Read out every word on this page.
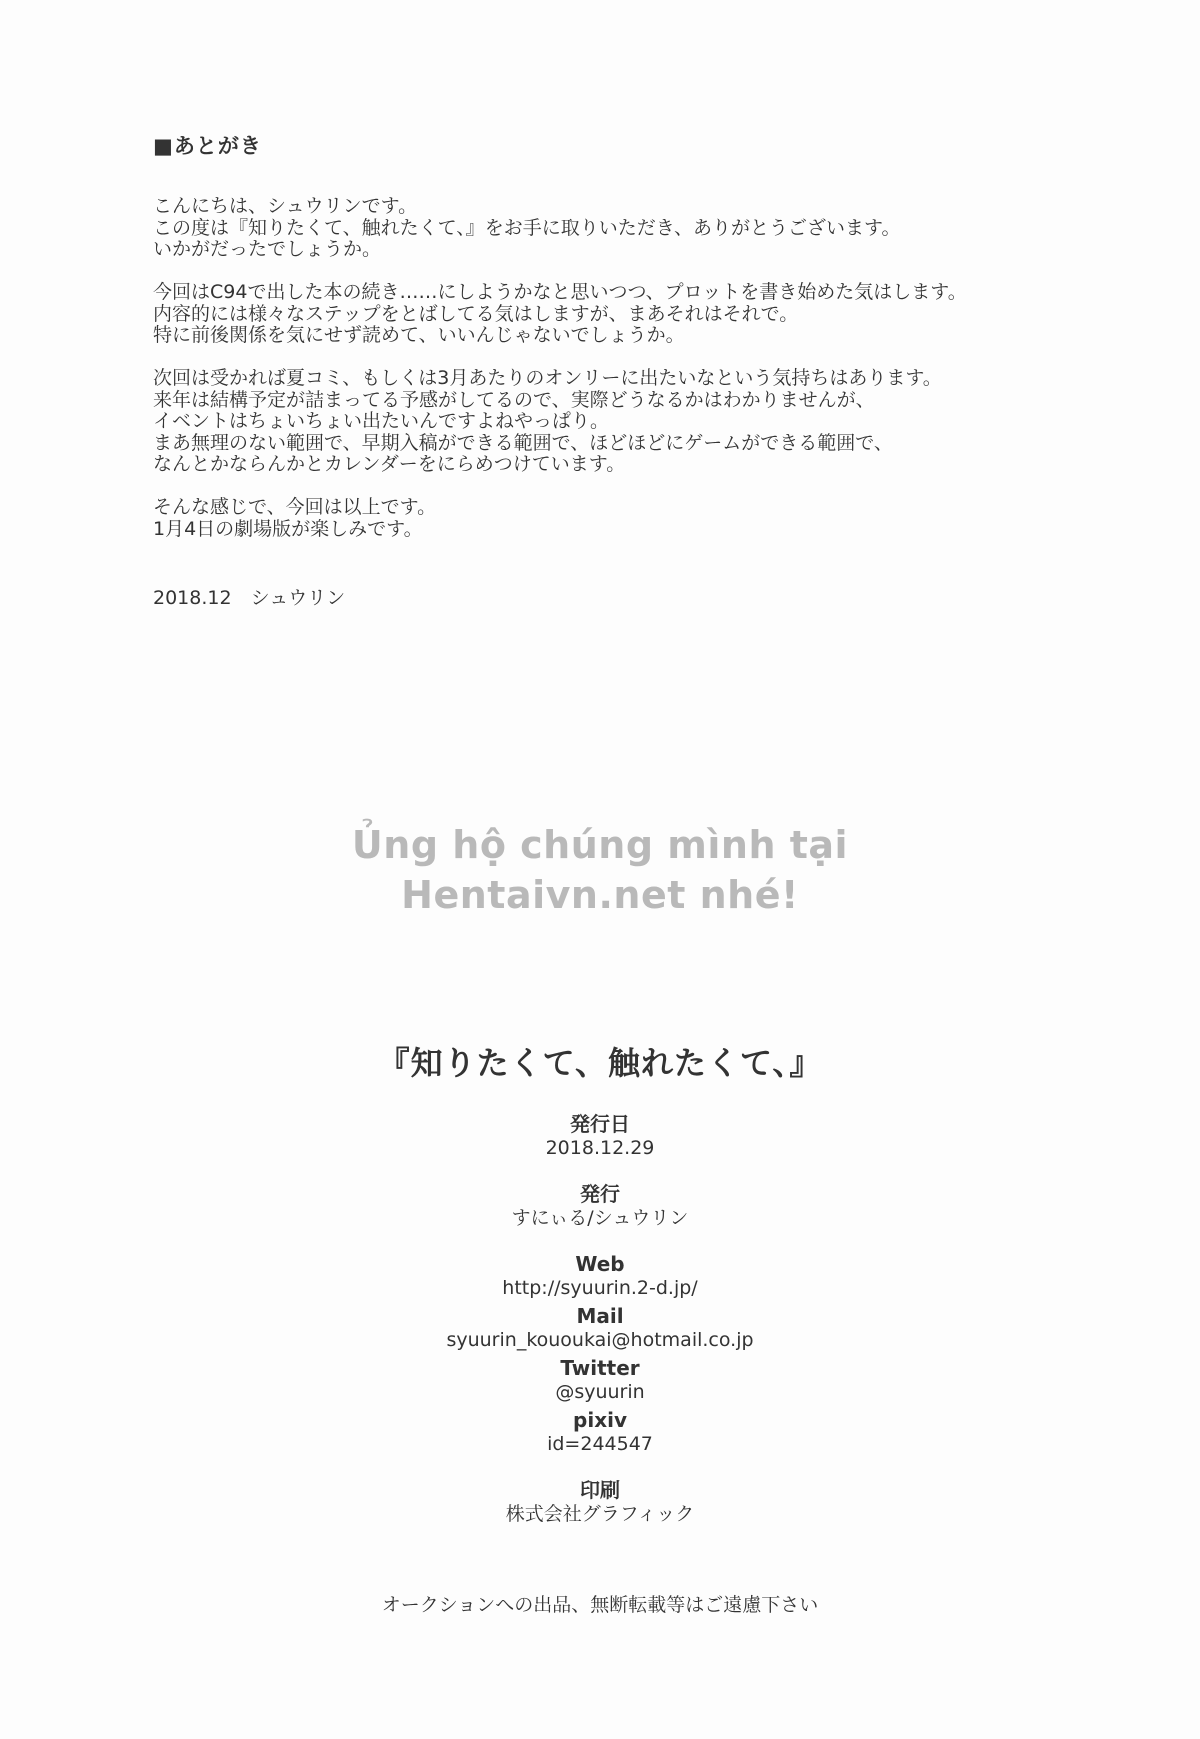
■あとがき
こんにちは、シュウリンです。
この度は『知りたくて、触れたくて、』をお手に取りいただき、ありがとうございます。
いかがだったでしょうか。
今回はC94で出した本の続き……にしようかなと思いつつ、プロットを書き始めた気はします。
内容的には様々なステップをとばしてる気はしますが、まあそれはそれで。
特に前後関係を気にせず読めて、いいんじゃないでしょうか。
次回は受かれば夏コミ、もしくは3月あたりのオンリーに出たいなという気持ちはあります。
来年は結構予定が詰まってる予感がしてるので、実際どうなるかはわかりませんが、
イベントはちょいちょい出たいんですよねやっぱり。
まあ無理のない範囲で、早期入稿ができる範囲で、ほどほどにゲームができる範囲で、
なんとかならんかとカレンダーをにらめつけています。
そんな感じで、今回は以上です。
1月4日の劇場版が楽しみです。
2018.12　シュウリン
Ủng hộ chúng mình tại
Hentaivn.net nhé!
『知りたくて、触れたくて、』
発行日
2018.12.29
発行
すにぃる/シュウリン
Web
http://syuurin.2-d.jp/
Mail
syuurin_kououkai@hotmail.co.jp
Twitter
@syuurin
pixiv
id=244547
印刷
株式会社グラフィック
オークションへの出品、無断転載等はご遠慮下さい
